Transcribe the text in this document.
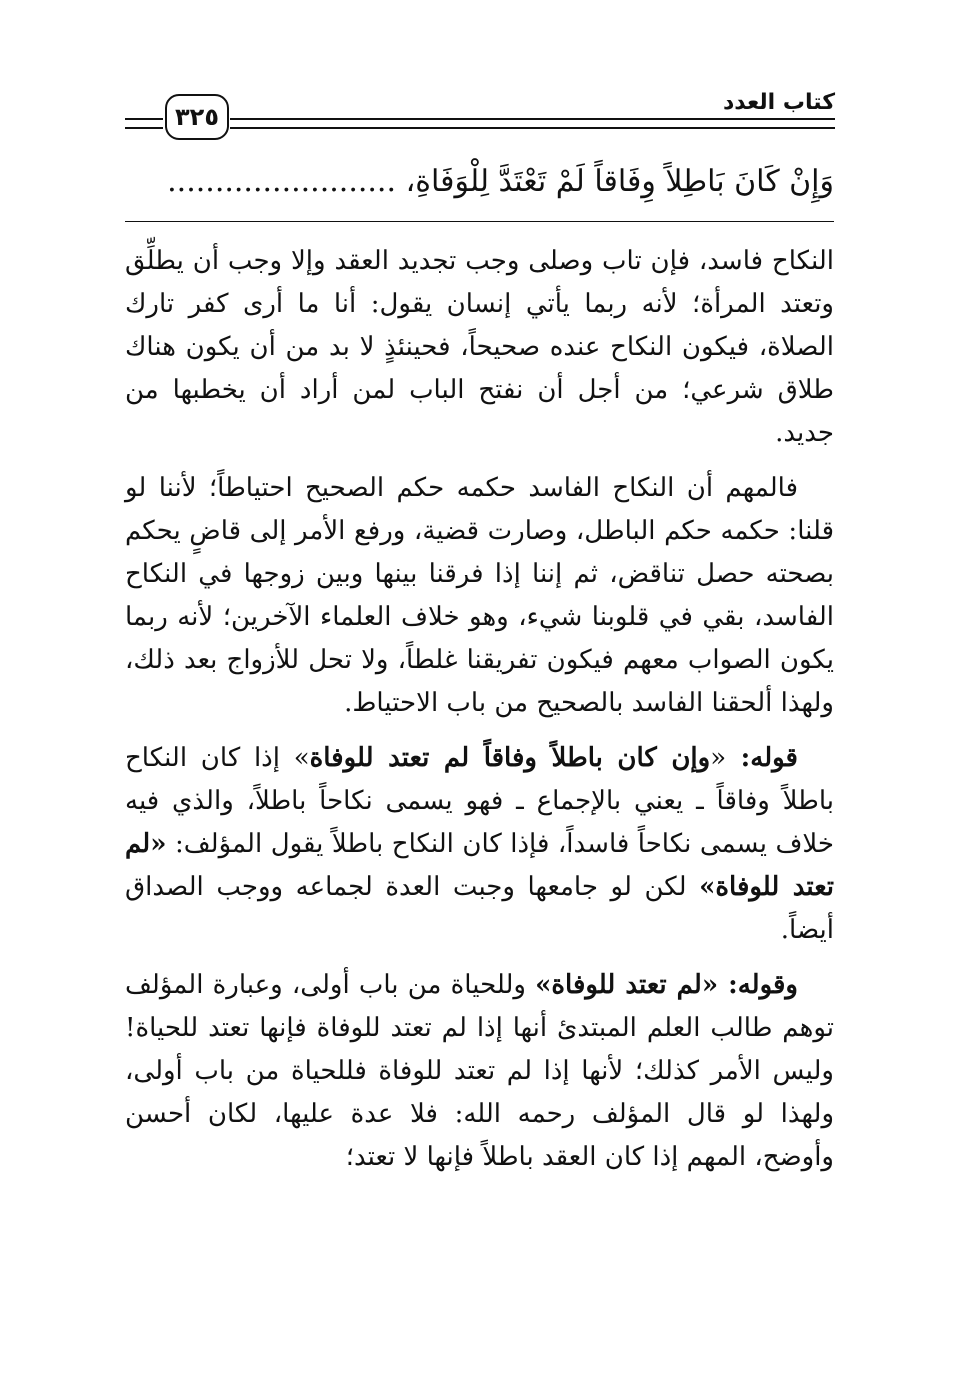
كتاب العدد
٣٢٥
وَإِنْ كَانَ بَاطِلاً وِفَاقاً لَمْ تَعْتَدَّ لِلْوَفَاةِ، ........................

النكاح فاسد، فإن تاب وصلى وجب تجديد العقد وإلا وجب أن يطلِّق وتعتد المرأة؛ لأنه ربما يأتي إنسان يقول: أنا ما أرى كفر تارك الصلاة، فيكون النكاح عنده صحيحاً، فحينئذٍ لا بد من أن يكون هناك طلاق شرعي؛ من أجل أن نفتح الباب لمن أراد أن يخطبها من جديد.

فالمهم أن النكاح الفاسد حكمه حكم الصحيح احتياطاً؛ لأننا لو قلنا: حكمه حكم الباطل، وصارت قضية، ورفع الأمر إلى قاضٍ يحكم بصحته حصل تناقض، ثم إننا إذا فرقنا بينها وبين زوجها في النكاح الفاسد، بقي في قلوبنا شيء، وهو خلاف العلماء الآخرين؛ لأنه ربما يكون الصواب معهم فيكون تفريقنا غلطاً، ولا تحل للأزواج بعد ذلك، ولهذا ألحقنا الفاسد بالصحيح من باب الاحتياط.

قوله: «وإن كان باطلاً وفاقاً لم تعتد للوفاة» إذا كان النكاح باطلاً وفاقاً ـ يعني بالإجماع ـ فهو يسمى نكاحاً باطلاً، والذي فيه خلاف يسمى نكاحاً فاسداً، فإذا كان النكاح باطلاً يقول المؤلف: «لم تعتد للوفاة» لكن لو جامعها وجبت العدة لجماعه ووجب الصداق أيضاً.

وقوله: «لم تعتد للوفاة» وللحياة من باب أولى، وعبارة المؤلف توهم طالب العلم المبتدئ أنها إذا لم تعتد للوفاة فإنها تعتد للحياة! وليس الأمر كذلك؛ لأنها إذا لم تعتد للوفاة فللحياة من باب أولى، ولهذا لو قال المؤلف رحمه الله: فلا عدة عليها، لكان أحسن وأوضح، المهم إذا كان العقد باطلاً فإنها لا تعتد؛
